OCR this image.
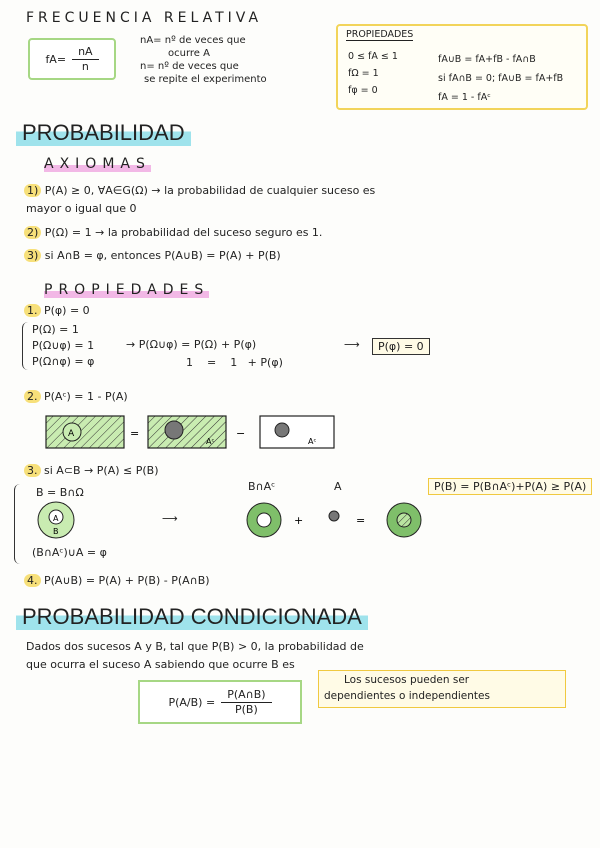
FRECUENCIA RELATIVA
$fA= \frac{nA}{n}$
nA= nº de veces que
ocurre A
n= nº de veces que
se repite el experimento
PROPIEDADES
0 ≤ fA ≤ 1
fΩ = 1
fφ = 0
fA∪B = fA+fB - fA∩B
si fA∩B = 0; fA∪B = fA+fB
fA = 1 - fAᶜ
PROBABILIDAD
AXIOMAS
1) P(A) ≥ 0, ∀A∈G(Ω) → la probabilidad de cualquier suceso es
mayor o igual que 0
2) P(Ω) = 1 → la probabilidad del suceso seguro es 1.
3) si A∩B = φ, entonces P(A∪B) = P(A) + P(B)
PROPIEDADES
1. P(φ) = 0
P(Ω) = 1
P(Ω∪φ) = 1
P(Ω∩φ) = φ
→ P(Ω∪φ) = P(Ω) + P(φ)
1    =    1   + P(φ)
⟶	P(φ) = 0
2. P(Aᶜ) = 1 - P(A)
A	=
Aᶜ
−
Aᶜ
3. si A⊂B → P(A) ≤ P(B)
B = B∩Ω
A
B
(B∩Aᶜ)∪A = φ
⟶
B∩Aᶜ	A
+	=
P(B) = P(B∩Aᶜ)+P(A) ≥ P(A)
4. P(A∪B) = P(A) + P(B) - P(A∩B)
PROBABILIDAD CONDICIONADA
Dados dos sucesos A y B, tal que P(B) > 0, la probabilidad de
que ocurra el suceso A sabiendo que ocurre B es
$P(A/B) = \frac{P(A\cap B)}{P(B)}$
Los sucesos pueden ser
dependientes o independientes
